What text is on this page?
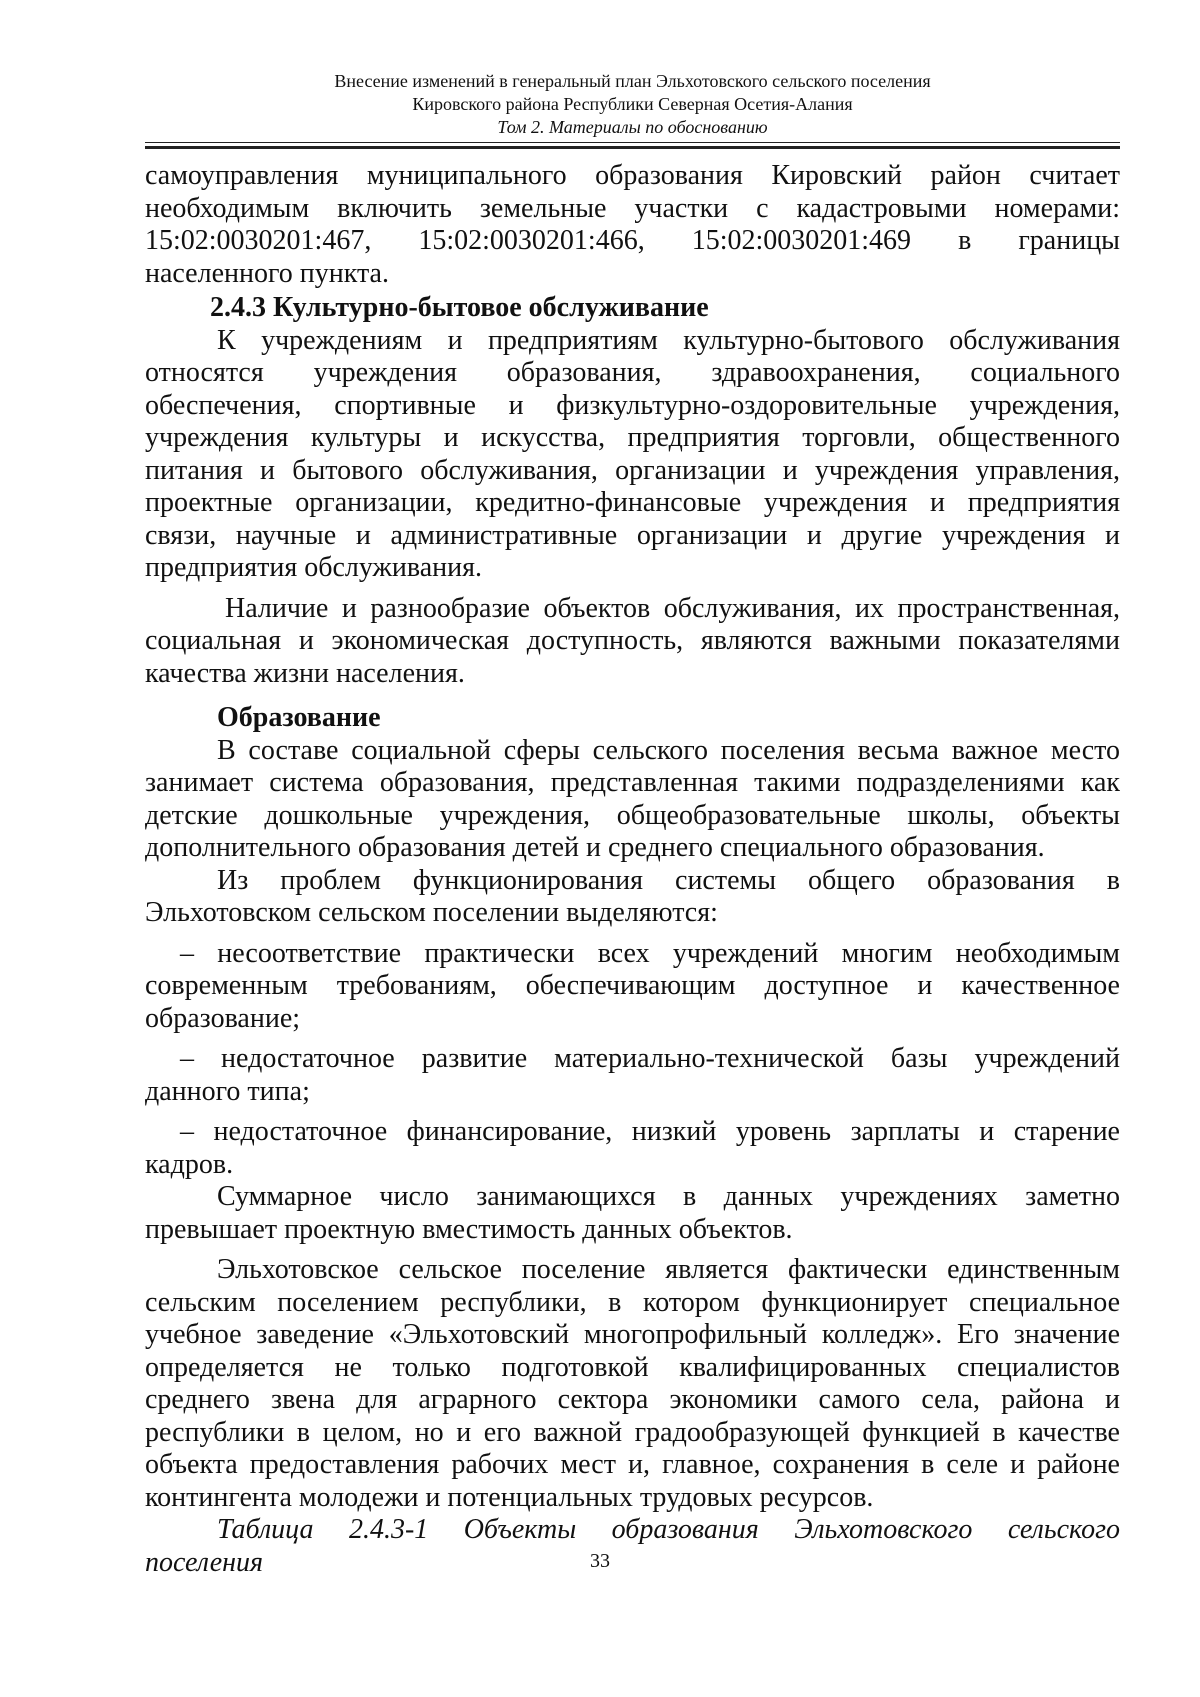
Внесение изменений в генеральный план Эльхотовского сельского поселения
Кировского района Республики Северная Осетия-Алания
Том 2. Материалы по обоснованию
самоуправления муниципального образования Кировский район считает
необходимым включить земельные участки с кадастровыми номерами:
15:02:0030201:467, 15:02:0030201:466, 15:02:0030201:469 в границы
населенного пункта.
2.4.3 Культурно-бытовое обслуживание
К учреждениям и предприятиям культурно-бытового обслуживания
относятся учреждения образования, здравоохранения, социального
обеспечения, спортивные и физкультурно-оздоровительные учреждения,
учреждения культуры и искусства, предприятия торговли, общественного
питания и бытового обслуживания, организации и учреждения управления,
проектные организации, кредитно-финансовые учреждения и предприятия
связи, научные и административные организации и другие учреждения и
предприятия обслуживания.
Наличие и разнообразие объектов обслуживания, их пространственная,
социальная и экономическая доступность, являются важными показателями
качества жизни населения.
Образование
В составе социальной сферы сельского поселения весьма важное место
занимает система образования, представленная такими подразделениями как
детские дошкольные учреждения, общеобразовательные школы, объекты
дополнительного образования детей и среднего специального образования.
Из проблем функционирования системы общего образования в
Эльхотовском сельском поселении выделяются:
– несоответствие практически всех учреждений многим необходимым
современным требованиям, обеспечивающим доступное и качественное
образование;
– недостаточное развитие материально-технической базы учреждений
данного типа;
– недостаточное финансирование, низкий уровень зарплаты и старение
кадров.
Суммарное число занимающихся в данных учреждениях заметно
превышает проектную вместимость данных объектов.
Эльхотовское сельское поселение является фактически единственным
сельским поселением республики, в котором функционирует специальное
учебное заведение «Эльхотовский многопрофильный колледж». Его значение
определяется не только подготовкой квалифицированных специалистов
среднего звена для аграрного сектора экономики самого села, района и
республики в целом, но и его важной градообразующей функцией в качестве
объекта предоставления рабочих мест и, главное, сохранения в селе и районе
контингента молодежи и потенциальных трудовых ресурсов.
Таблица 2.4.3-1 Объекты образования Эльхотовского сельского
поселения	33
